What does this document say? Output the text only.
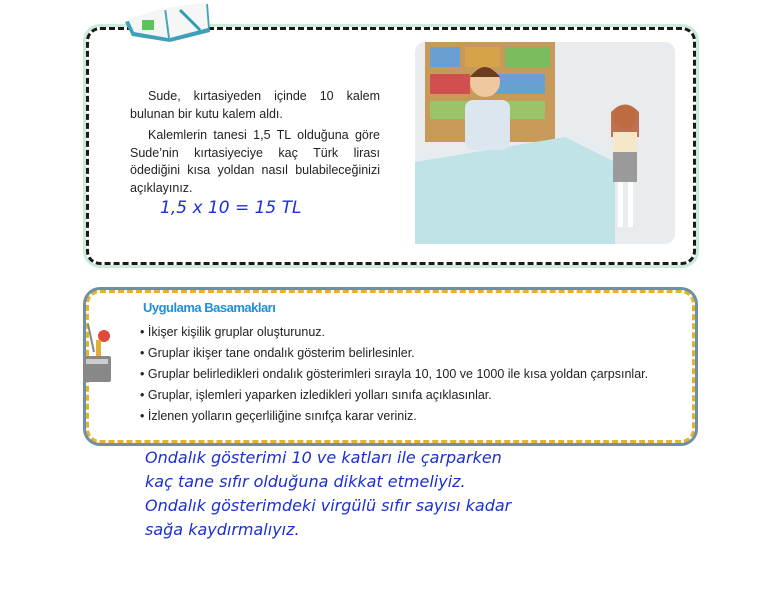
Sude, kırtasiyeden içinde 10 kalem bulunan bir kutu kalem aldı.
Kalemlerin tanesi 1,5 TL olduğuna göre Sude’nin kırtasiyeciye kaç Türk lirası ödediğini kısa yoldan nasıl bulabileceğinizi açıklayınız.
1,5 x 10 = 15 TL
Uygulama Basamakları
• İkişer kişilik gruplar oluşturunuz.
• Gruplar ikişer tane ondalık gösterim belirlesinler.
• Gruplar belirledikleri ondalık gösterimleri sırayla 10, 100 ve 1000 ile kısa yoldan çarpsınlar.
• Gruplar, işlemleri yaparken izledikleri yolları sınıfa açıklasınlar.
• İzlenen yolların geçerliliğine sınıfça karar veriniz.
Ondalık gösterimi 10 ve katları ile çarparken
kaç tane sıfır olduğuna dikkat etmeliyiz.
Ondalık gösterimdeki virgülü sıfır sayısı kadar
sağa kaydırmalıyız.
